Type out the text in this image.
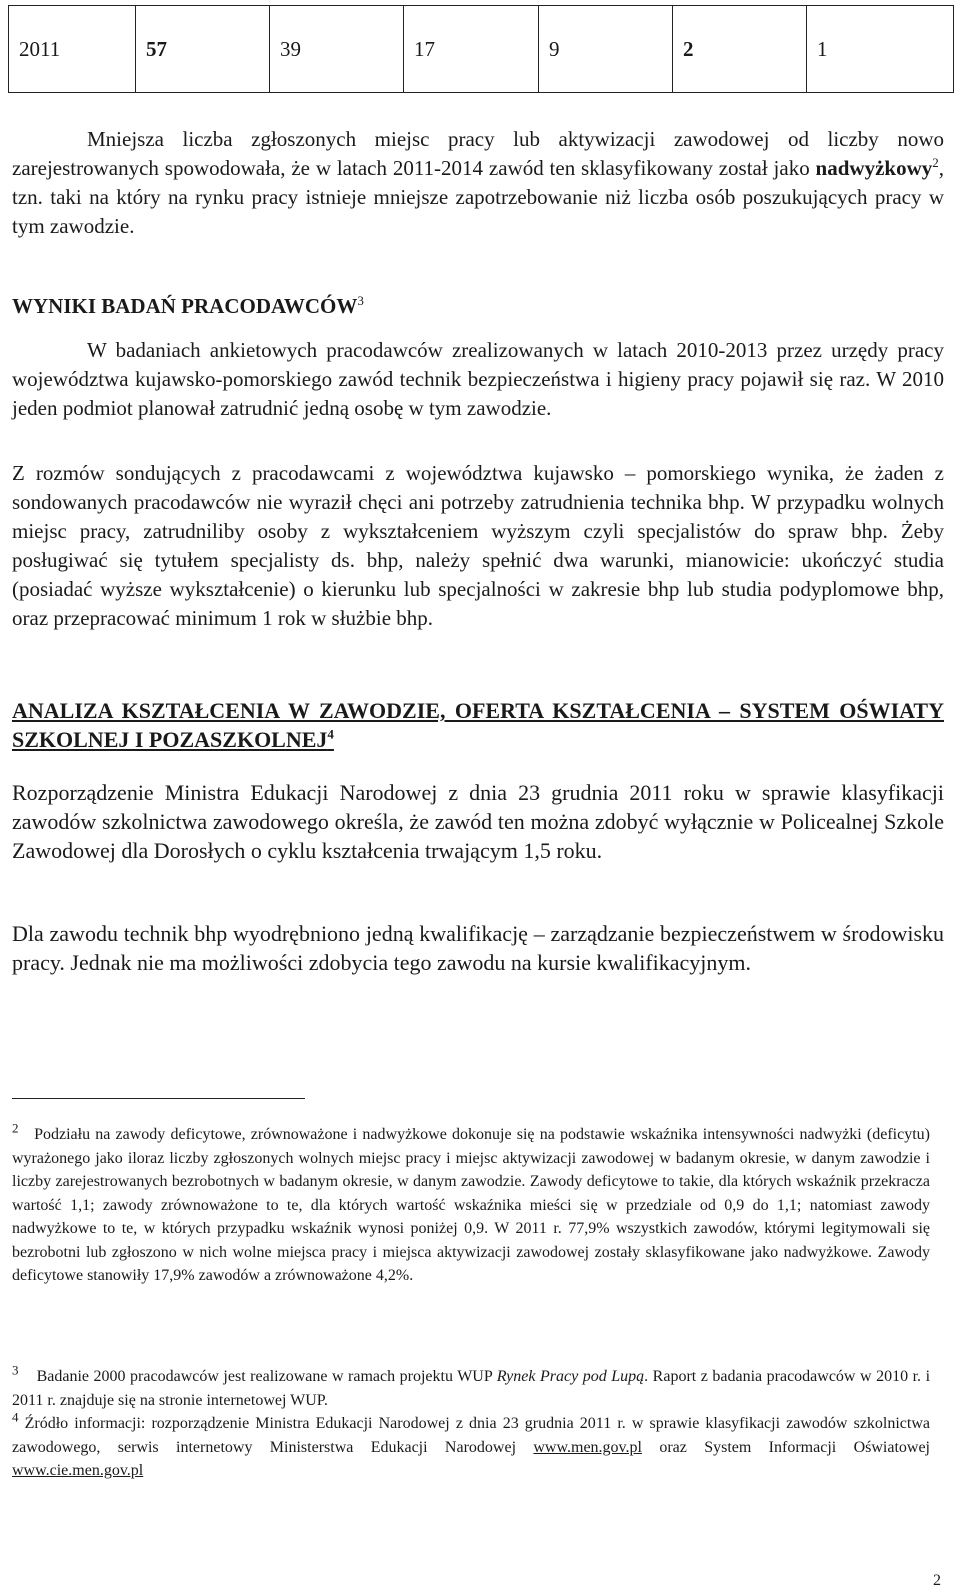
2011	57	39	17	9	2	1

Mniejsza liczba zgłoszonych miejsc pracy lub aktywizacji zawodowej od liczby nowo zarejestrowanych spowodowała, że w latach 2011-2014 zawód ten sklasyfikowany został jako nadwyżkowy$^2$, tzn. taki na który na rynku pracy istnieje mniejsze zapotrzebowanie niż liczba osób poszukujących pracy w tym zawodzie.

WYNIKI BADAŃ PRACODAWCÓW$^3$

W badaniach ankietowych pracodawców zrealizowanych w latach 2010-2013 przez urzędy pracy województwa kujawsko-pomorskiego zawód technik bezpieczeństwa i higieny pracy pojawił się raz. W 2010 jeden podmiot planował zatrudnić jedną osobę w tym zawodzie.

Z rozmów sondujących z pracodawcami z województwa kujawsko – pomorskiego wynika, że żaden z sondowanych pracodawców nie wyraził chęci ani potrzeby zatrudnienia technika bhp. W przypadku wolnych miejsc pracy, zatrudniliby osoby z wykształceniem wyższym czyli specjalistów do spraw bhp. Żeby posługiwać się tytułem specjalisty ds. bhp, należy spełnić dwa warunki, mianowicie: ukończyć studia (posiadać wyższe wykształcenie) o kierunku lub specjalności w zakresie bhp lub studia podyplomowe bhp, oraz przepracować minimum 1 rok w służbie bhp.

ANALIZA KSZTAŁCENIA W ZAWODZIE, OFERTA KSZTAŁCENIA – SYSTEM OŚWIATY SZKOLNEJ I POZASZKOLNEJ$^4$

Rozporządzenie Ministra Edukacji Narodowej z dnia 23 grudnia 2011 roku w sprawie klasyfikacji zawodów szkolnictwa zawodowego określa, że zawód ten można zdobyć wyłącznie w Policealnej Szkole Zawodowej dla Dorosłych o cyklu kształcenia trwającym 1,5 roku.

Dla zawodu technik bhp wyodrębniono jedną kwalifikację – zarządzanie bezpieczeństwem w środowisku pracy. Jednak nie ma możliwości zdobycia tego zawodu na kursie kwalifikacyjnym.

$^2$ Podziału na zawody deficytowe, zrównoważone i nadwyżkowe dokonuje się na podstawie wskaźnika intensywności nadwyżki (deficytu) wyrażonego jako iloraz liczby zgłoszonych wolnych miejsc pracy i miejsc aktywizacji zawodowej w badanym okresie, w danym zawodzie i liczby zarejestrowanych bezrobotnych w badanym okresie, w danym zawodzie. Zawody deficytowe to takie, dla których wskaźnik przekracza wartość 1,1; zawody zrównoważone to te, dla których wartość wskaźnika mieści się w przedziale od 0,9 do 1,1; natomiast zawody nadwyżkowe to te, w których przypadku wskaźnik wynosi poniżej 0,9. W 2011 r. 77,9% wszystkich zawodów, którymi legitymowali się bezrobotni lub zgłoszono w nich wolne miejsca pracy i miejsca aktywizacji zawodowej zostały sklasyfikowane jako nadwyżkowe. Zawody deficytowe stanowiły 17,9% zawodów a zrównoważone 4,2%.

$^3$ Badanie 2000 pracodawców jest realizowane w ramach projektu WUP Rynek Pracy pod Lupą. Raport z badania pracodawców w 2010 r. i 2011 r. znajduje się na stronie internetowej WUP.

$^4$ Źródło informacji: rozporządzenie Ministra Edukacji Narodowej z dnia 23 grudnia 2011 r. w sprawie klasyfikacji zawodów szkolnictwa zawodowego, serwis internetowy Ministerstwa Edukacji Narodowej www.men.gov.pl oraz System Informacji Oświatowej www.cie.men.gov.pl

2
